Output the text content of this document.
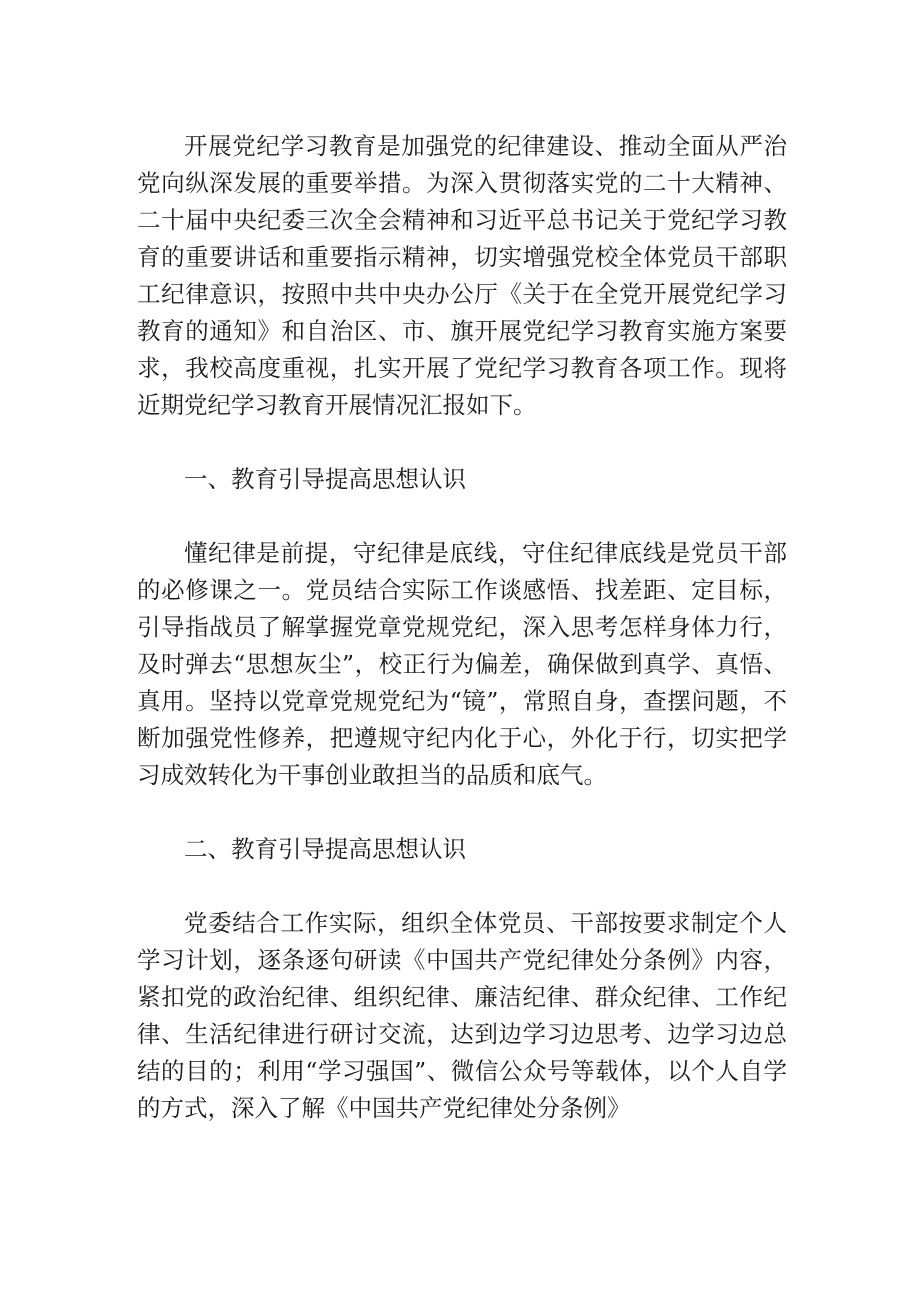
开展党纪学习教育是加强党的纪律建设、推动全面从严治党向纵深发展的重要举措。为深入贯彻落实党的二十大精神、二十届中央纪委三次全会精神和习近平总书记关于党纪学习教育的重要讲话和重要指示精神，切实增强党校全体党员干部职工纪律意识，按照中共中央办公厅《关于在全党开展党纪学习教育的通知》和自治区、市、旗开展党纪学习教育实施方案要求，我校高度重视，扎实开展了党纪学习教育各项工作。现将近期党纪学习教育开展情况汇报如下。

一、教育引导提高思想认识

懂纪律是前提，守纪律是底线，守住纪律底线是党员干部的必修课之一。党员结合实际工作谈感悟、找差距、定目标，引导指战员了解掌握党章党规党纪，深入思考怎样身体力行，及时弹去“思想灰尘”，校正行为偏差，确保做到真学、真悟、真用。坚持以党章党规党纪为“镜”，常照自身，查摆问题，不断加强党性修养，把遵规守纪内化于心，外化于行，切实把学习成效转化为干事创业敢担当的品质和底气。

二、教育引导提高思想认识

党委结合工作实际，组织全体党员、干部按要求制定个人学习计划，逐条逐句研读《中国共产党纪律处分条例》内容，紧扣党的政治纪律、组织纪律、廉洁纪律、群众纪律、工作纪律、生活纪律进行研讨交流，达到边学习边思考、边学习边总结的目的；利用“学习强国”、微信公众号等载体，以个人自学的方式，深入了解《中国共产党纪律处分条例》
